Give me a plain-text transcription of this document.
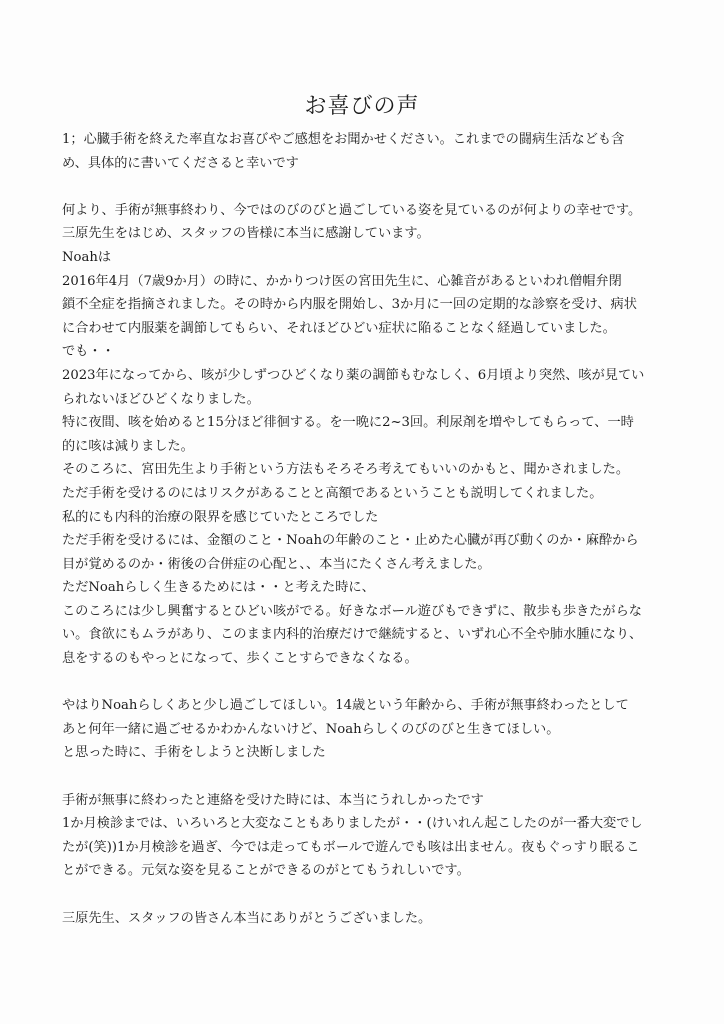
お喜びの声
1；心臓手術を終えた率直なお喜びやご感想をお聞かせください。これまでの闘病生活なども含
め、具体的に書いてくださると幸いです
何より、手術が無事終わり、今ではのびのびと過ごしている姿を見ているのが何よりの幸せです。
三原先生をはじめ、スタッフの皆様に本当に感謝しています。
Noahは
2016年4月（7歳9か月）の時に、かかりつけ医の宮田先生に、心雑音があるといわれ僧帽弁閉
鎖不全症を指摘されました。その時から内服を開始し、3か月に一回の定期的な診察を受け、病状
に合わせて内服薬を調節してもらい、それほどひどい症状に陥ることなく経過していました。
でも・・
2023年になってから、咳が少しずつひどくなり薬の調節もむなしく、6月頃より突然、咳が見てい
られないほどひどくなりました。
特に夜間、咳を始めると15分ほど徘徊する。を一晩に2~3回。利尿剤を増やしてもらって、一時
的に咳は減りました。
そのころに、宮田先生より手術という方法もそろそろ考えてもいいのかもと、聞かされました。
ただ手術を受けるのにはリスクがあることと高額であるということも説明してくれました。
私的にも内科的治療の限界を感じていたところでした
ただ手術を受けるには、金額のこと・Noahの年齢のこと・止めた心臓が再び動くのか・麻酔から
目が覚めるのか・術後の合併症の心配と、、本当にたくさん考えました。
ただNoahらしく生きるためには・・と考えた時に、
このころには少し興奮するとひどい咳がでる。好きなボール遊びもできずに、散歩も歩きたがらな
い。食欲にもムラがあり、このまま内科的治療だけで継続すると、いずれ心不全や肺水腫になり、
息をするのもやっとになって、歩くことすらできなくなる。
やはりNoahらしくあと少し過ごしてほしい。14歳という年齢から、手術が無事終わったとして
あと何年一緒に過ごせるかわかんないけど、Noahらしくのびのびと生きてほしい。
と思った時に、手術をしようと決断しました
手術が無事に終わったと連絡を受けた時には、本当にうれしかったです
1か月検診までは、いろいろと大変なこともありましたが・・(けいれん起こしたのが一番大変でし
たが(笑))1か月検診を過ぎ、今では走ってもボールで遊んでも咳は出ません。夜もぐっすり眠るこ
とができる。元気な姿を見ることができるのがとてもうれしいです。
三原先生、スタッフの皆さん本当にありがとうございました。
